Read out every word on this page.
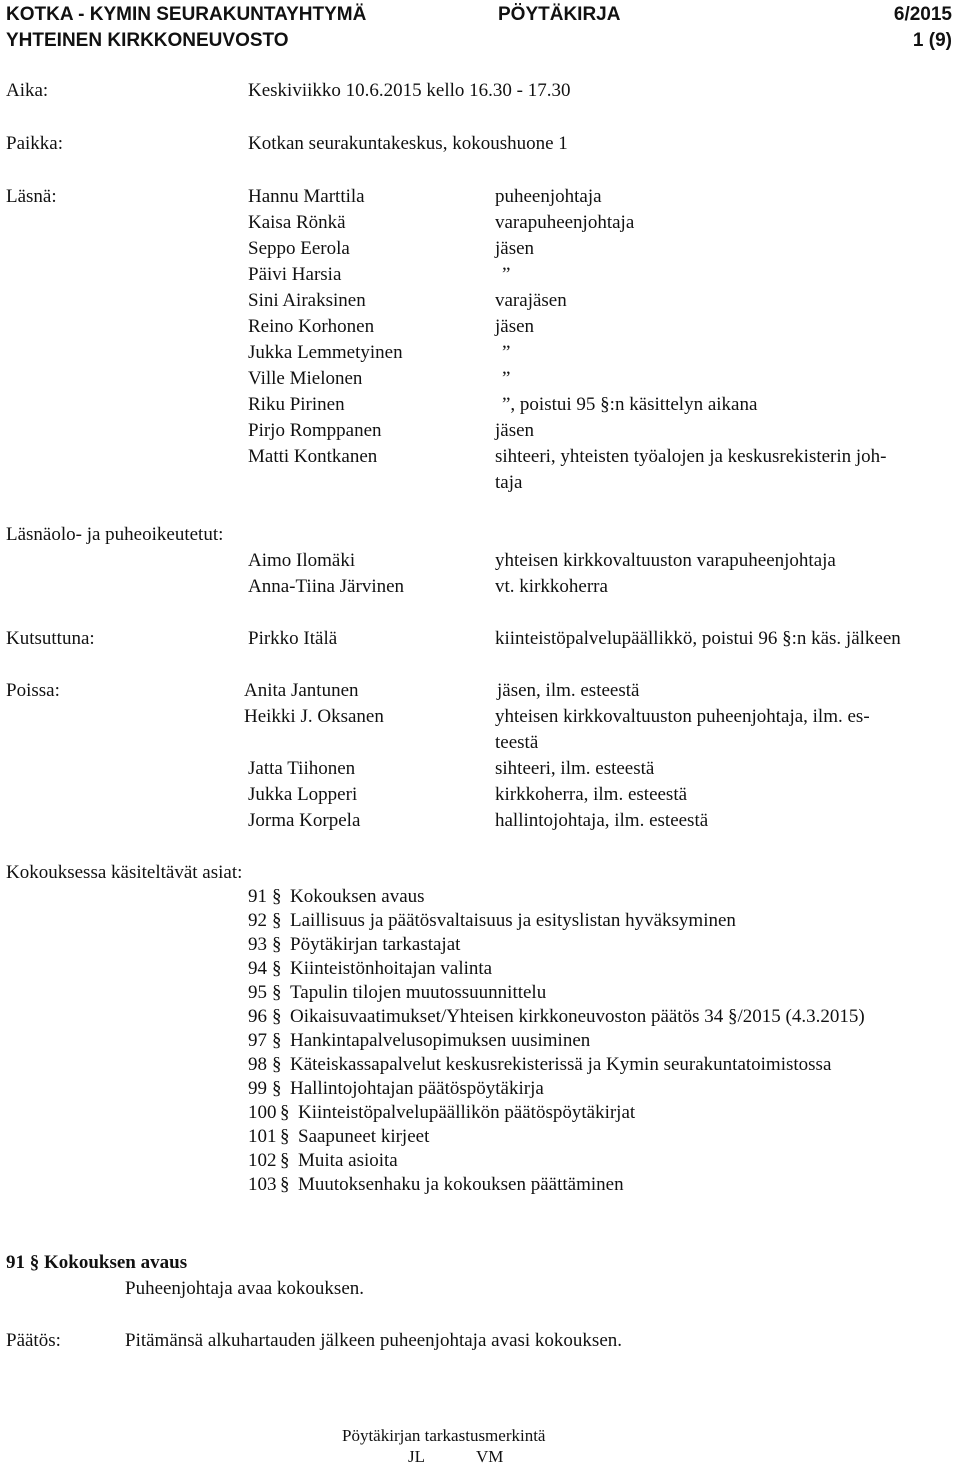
KOTKA - KYMIN SEURAKUNTAYHTYMÄ
YHTEINEN KIRKKONEUVOSTO
PÖYTÄKIRJA	6/2015
1 (9)
Aika:	Keskiviikko 10.6.2015 kello 16.30 - 17.30
Paikka:	Kotkan seurakuntakeskus, kokoushuone 1
Läsnä:	Hannu Marttila	puheenjohtaja
Kaisa Rönkä	varapuheenjohtaja
Seppo Eerola	jäsen
Päivi Harsia	”
Sini Airaksinen	varajäsen
Reino Korhonen	jäsen
Jukka Lemmetyinen	”
Ville Mielonen	”
Riku Pirinen	”, poistui 95 §:n käsittelyn aikana
Pirjo Romppanen	jäsen
Matti Kontkanen	sihteeri, yhteisten työalojen ja keskusrekisterin joh-
taja
Läsnäolo- ja puheoikeutetut:
Aimo Ilomäki	yhteisen kirkkovaltuuston varapuheenjohtaja
Anna-Tiina Järvinen	vt. kirkkoherra
Kutsuttuna:	Pirkko Itälä	kiinteistöpalvelupäällikkö, poistui 96 §:n käs. jälkeen
Poissa:	Anita Jantunen	jäsen, ilm. esteestä
Heikki J. Oksanen	yhteisen kirkkovaltuuston puheenjohtaja, ilm. es-
teestä
Jatta Tiihonen	sihteeri, ilm. esteestä
Jukka Lopperi	kirkkoherra, ilm. esteestä
Jorma Korpela	hallintojohtaja, ilm. esteestä
Kokouksessa käsiteltävät asiat:
91 § Kokouksen avaus
92 § Laillisuus ja päätösvaltaisuus ja esityslistan hyväksyminen
93 § Pöytäkirjan tarkastajat
94 § Kiinteistönhoitajan valinta
95 § Tapulin tilojen muutossuunnittelu
96 § Oikaisuvaatimukset/Yhteisen kirkkoneuvoston päätös 34 §/2015 (4.3.2015)
97 § Hankintapalvelusopimuksen uusiminen
98 § Käteiskassapalvelut keskusrekisterissä ja Kymin seurakuntatoimistossa
99 § Hallintojohtajan päätöspöytäkirja
100 § Kiinteistöpalvelupäällikön päätöspöytäkirjat
101 § Saapuneet kirjeet
102 § Muita asioita
103 § Muutoksenhaku ja kokouksen päättäminen
91 § Kokouksen avaus
Puheenjohtaja avaa kokouksen.
Päätös:	Pitämänsä alkuhartauden jälkeen puheenjohtaja avasi kokouksen.
Pöytäkirjan tarkastusmerkintä
JL	VM
